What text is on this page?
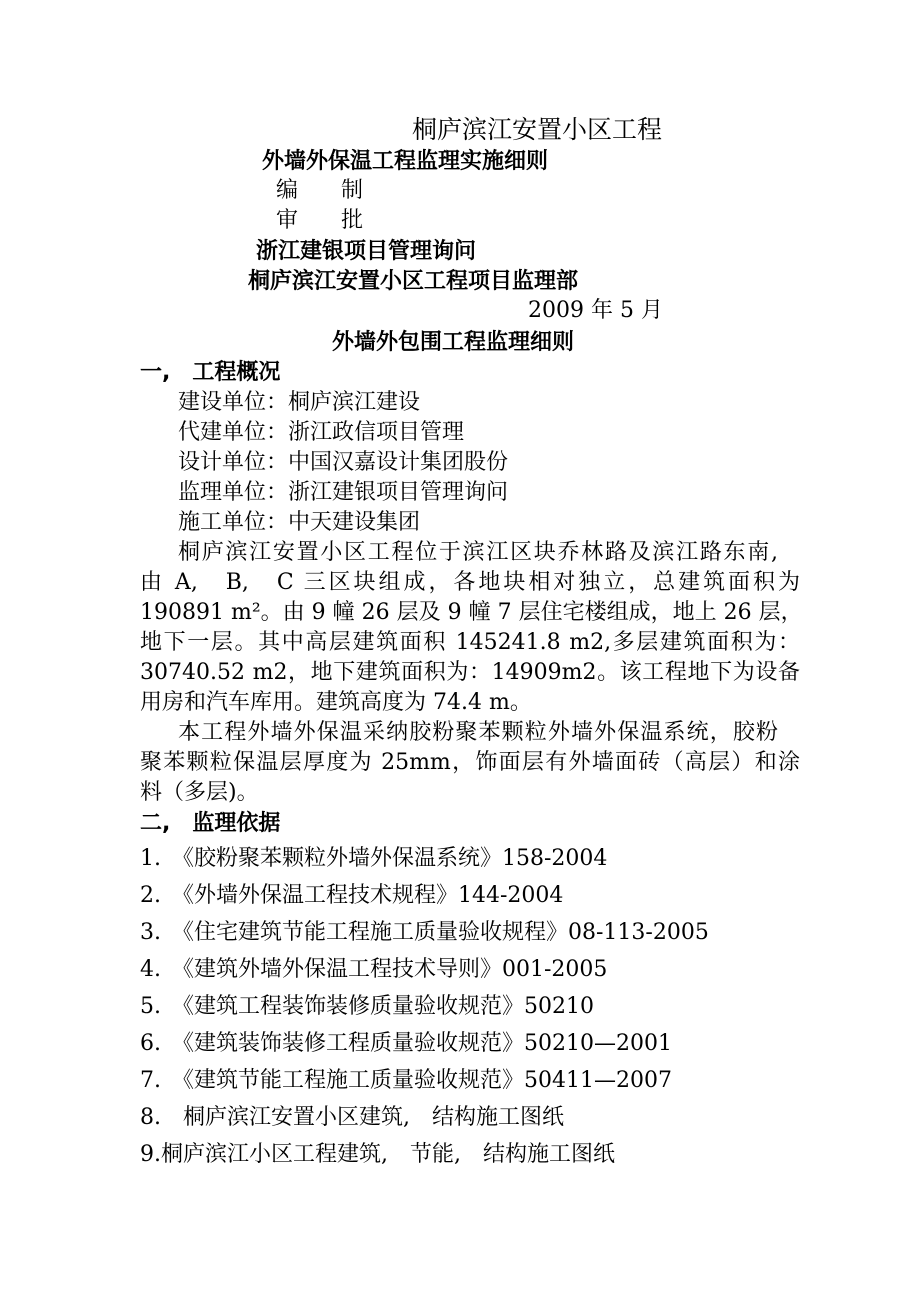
桐庐滨江安置小区工程
外墙外保温工程监理实施细则
编 制
审 批
浙江建银项目管理询问
桐庐滨江安置小区工程项目监理部
2009 年 5 月
外墙外包围工程监理细则
一,　工程概况
建设单位：桐庐滨江建设
代建单位：浙江政信项目管理
设计单位：中国汉嘉设计集团股份
监理单位：浙江建银项目管理询问
施工单位：中天建设集团
桐庐滨江安置小区工程位于滨江区块乔林路及滨江路东南,
由 A,　B,　C 三区块组成，各地块相对独立，总建筑面积为
190891 m²。由 9 幢 26 层及 9 幢 7 层住宅楼组成，地上 26 层，
地下一层。其中高层建筑面积 145241.8 m2,多层建筑面积为：
30740.52 m2，地下建筑面积为：14909m2。该工程地下为设备
用房和汽车库用。建筑高度为 74.4 m。
本工程外墙外保温采纳胶粉聚苯颗粒外墙外保温系统，胶粉
聚苯颗粒保温层厚度为 25mm，饰面层有外墙面砖（高层）和涂
料（多层)。
二,　监理依据
1.　《胶粉聚苯颗粒外墙外保温系统》158-2004
2.　《外墙外保温工程技术规程》144-2004
3.　《住宅建筑节能工程施工质量验收规程》08-113-2005
4.　《建筑外墙外保温工程技术导则》001-2005
5.　《建筑工程装饰装修质量验收规范》50210
6.　《建筑装饰装修工程质量验收规范》50210—2001
7.　《建筑节能工程施工质量验收规范》50411—2007
8.　桐庐滨江安置小区建筑,　结构施工图纸
9.桐庐滨江小区工程建筑,　节能,　结构施工图纸
